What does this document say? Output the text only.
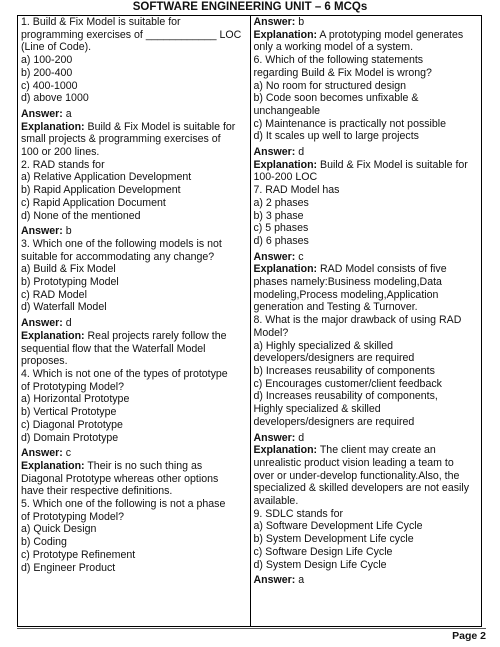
SOFTWARE ENGINEERING UNIT – 6 MCQs

1. Build & Fix Model is suitable for

programming exercises of ____________ LOC

(Line of Code).

a) 100-200

b) 200-400

c) 400-1000

d) above 1000

Answer: a

Explanation: Build & Fix Model is suitable for

small projects & programming exercises of

100 or 200 lines.

2. RAD stands for

a) Relative Application Development

b) Rapid Application Development

c) Rapid Application Document

d) None of the mentioned

Answer: b

3. Which one of the following models is not

suitable for accommodating any change?

a) Build & Fix Model

b) Prototyping Model

c) RAD Model

d) Waterfall Model

Answer: d

Explanation: Real projects rarely follow the

sequential flow that the Waterfall Model

proposes.

4. Which is not one of the types of prototype

of Prototyping Model?

a) Horizontal Prototype

b) Vertical Prototype

c) Diagonal Prototype

d) Domain Prototype

Answer: c

Explanation: Their is no such thing as

Diagonal Prototype whereas other options

have their respective definitions.

5. Which one of the following is not a phase

of Prototyping Model?

a) Quick Design

b) Coding

c) Prototype Refinement

d) Engineer Product

Answer: b

Explanation: A prototyping model generates

only a working model of a system.

6. Which of the following statements

regarding Build & Fix Model is wrong?

a) No room for structured design

b) Code soon becomes unfixable &

unchangeable

c) Maintenance is practically not possible

d) It scales up well to large projects

Answer: d

Explanation: Build & Fix Model is suitable for

100-200 LOC

7. RAD Model has

a) 2 phases

b) 3 phase

c) 5 phases

d) 6 phases

Answer: c

Explanation: RAD Model consists of five

phases namely:Business modeling,Data

modeling,Process modeling,Application

generation and Testing & Turnover.

8. What is the major drawback of using RAD

Model?

a) Highly specialized & skilled

developers/designers are required

b) Increases reusability of components

c) Encourages customer/client feedback

d) Increases reusability of components,

Highly specialized & skilled

developers/designers are required

Answer: d

Explanation: The client may create an

unrealistic product vision leading a team to

over or under-develop functionality.Also, the

specialized & skilled developers are not easily

available.

9. SDLC stands for

a) Software Development Life Cycle

b) System Development Life cycle

c) Software Design Life Cycle

d) System Design Life Cycle

Answer: a

Page 2
